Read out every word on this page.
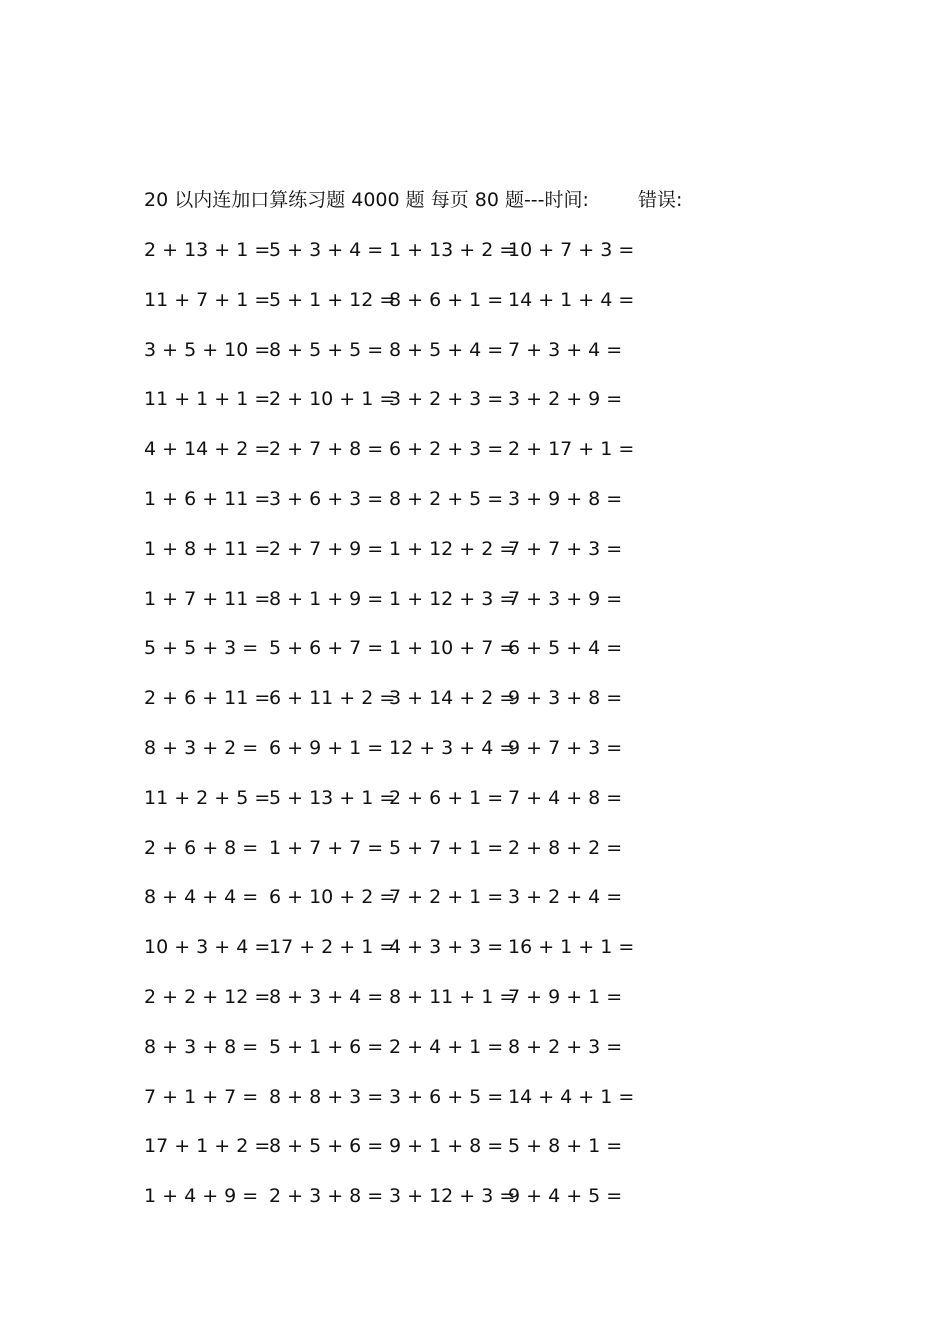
20 以内连加口算练习题 4000 题 每页 80 题---时间:	错误:
2 + 13 + 1 =
5 + 3 + 4 = 1 + 13 + 2 =
10 + 7 + 3 =
11 + 7 + 1 =
5 + 1 + 12 =
8 + 6 + 1 = 14 + 1 + 4 =
3 + 5 + 10 =
8 + 5 + 5 = 8 + 5 + 4 = 7 + 3 + 4 =
11 + 1 + 1 =
2 + 10 + 1 =
3 + 2 + 3 = 3 + 2 + 9 =
4 + 14 + 2 =
2 + 7 + 8 = 6 + 2 + 3 = 2 + 17 + 1 =
1 + 6 + 11 =
3 + 6 + 3 = 8 + 2 + 5 = 3 + 9 + 8 =
1 + 8 + 11 =
2 + 7 + 9 = 1 + 12 + 2 =
7 + 7 + 3 =
1 + 7 + 11 =
8 + 1 + 9 = 1 + 12 + 3 =
7 + 3 + 9 =
5 + 5 + 3 = 5 + 6 + 7 = 1 + 10 + 7 =
6 + 5 + 4 =
2 + 6 + 11 =
6 + 11 + 2 =
3 + 14 + 2 =
9 + 3 + 8 =
8 + 3 + 2 = 6 + 9 + 1 = 12 + 3 + 4 =
9 + 7 + 3 =
11 + 2 + 5 =
5 + 13 + 1 =
2 + 6 + 1 = 7 + 4 + 8 =
2 + 6 + 8 = 1 + 7 + 7 = 5 + 7 + 1 = 2 + 8 + 2 =
8 + 4 + 4 = 6 + 10 + 2 =
7 + 2 + 1 = 3 + 2 + 4 =
10 + 3 + 4 =
17 + 2 + 1 =
4 + 3 + 3 = 16 + 1 + 1 =
2 + 2 + 12 =
8 + 3 + 4 = 8 + 11 + 1 =
7 + 9 + 1 =
8 + 3 + 8 = 5 + 1 + 6 = 2 + 4 + 1 = 8 + 2 + 3 =
7 + 1 + 7 = 8 + 8 + 3 = 3 + 6 + 5 = 14 + 4 + 1 =
17 + 1 + 2 =
8 + 5 + 6 = 9 + 1 + 8 = 5 + 8 + 1 =
1 + 4 + 9 = 2 + 3 + 8 = 3 + 12 + 3 =
9 + 4 + 5 =
